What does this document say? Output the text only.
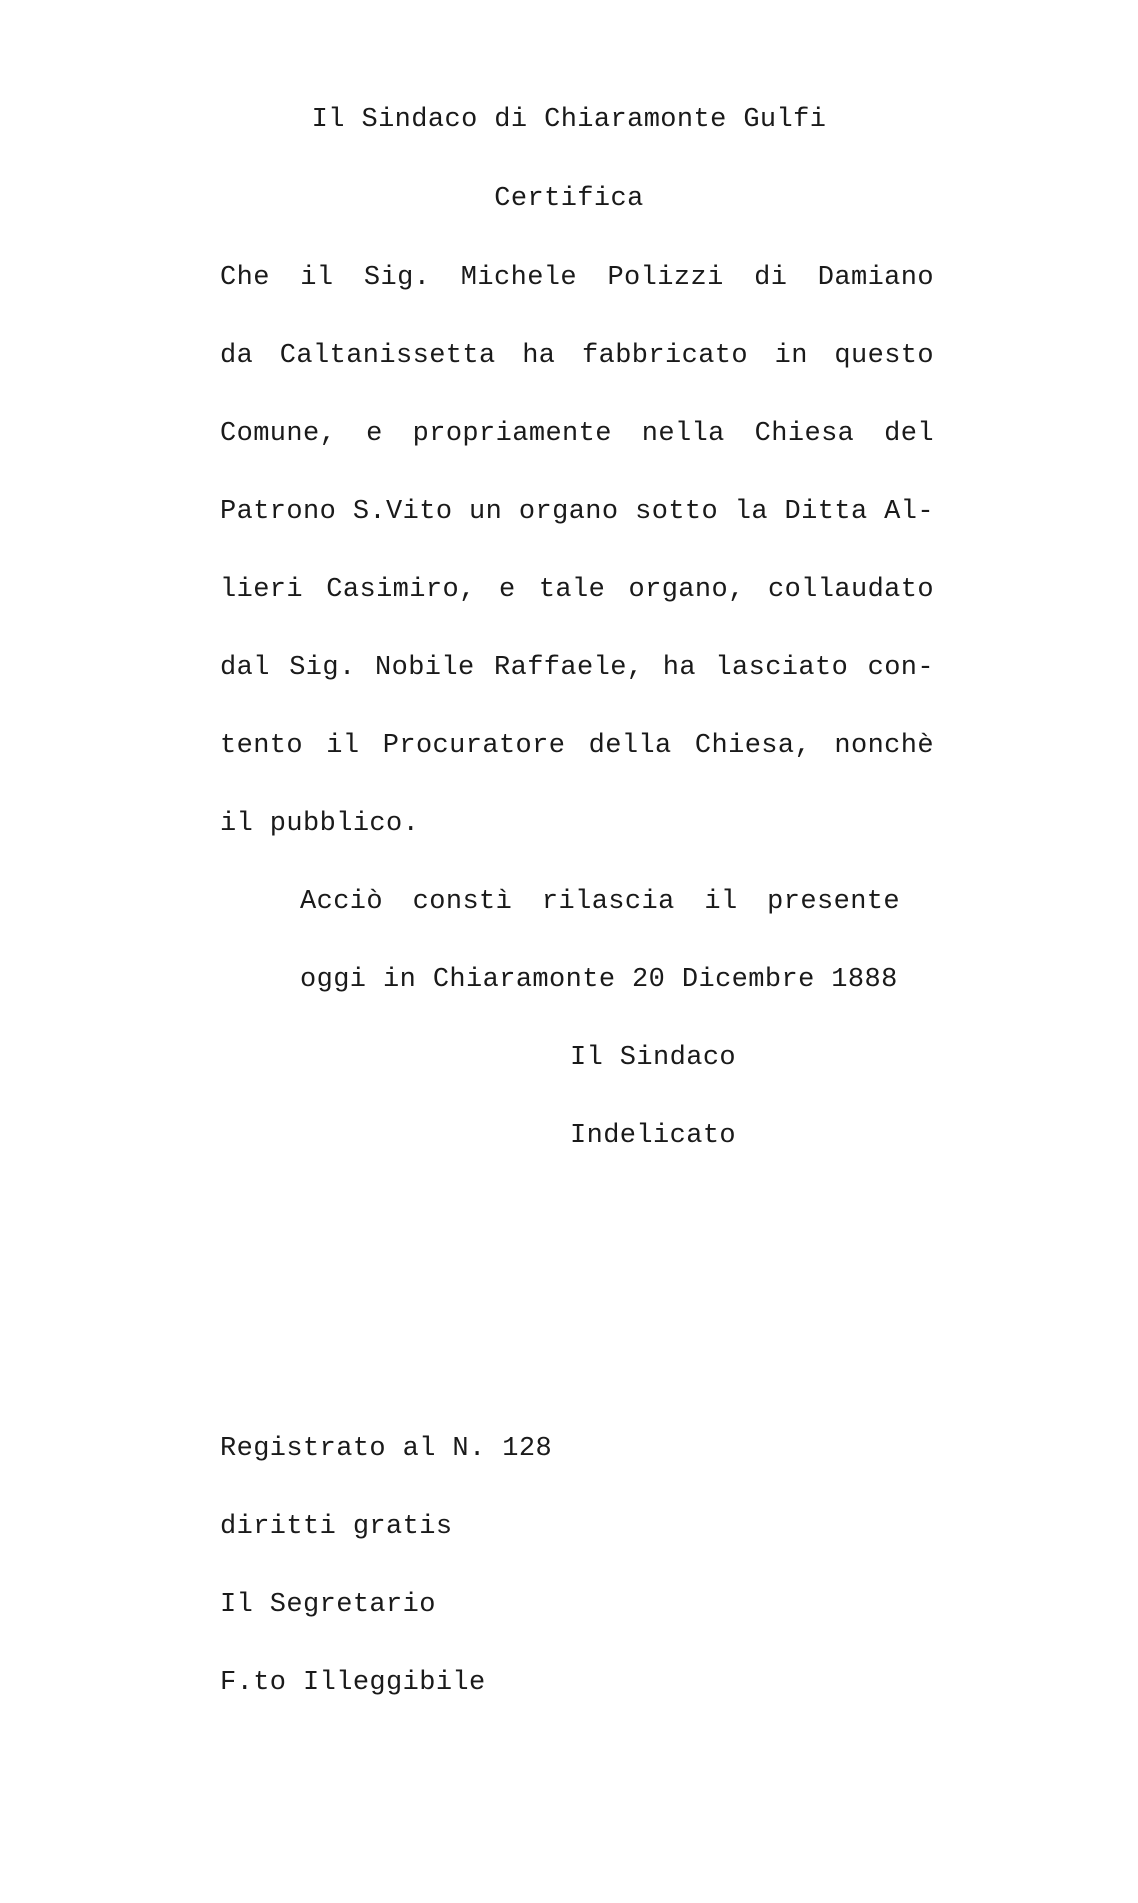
Il Sindaco di Chiaramonte Gulfi
Certifica
Che il Sig. Michele Polizzi di Damiano
da Caltanissetta ha fabbricato in questo
Comune, e propriamente nella Chiesa del
Patrono S.Vito un organo sotto la Ditta Al-
lieri Casimiro, e tale organo, collaudato
dal Sig. Nobile Raffaele, ha lasciato con-
tento il Procuratore della Chiesa, nonchè
il pubblico.
Acciò constì rilascia il presente
oggi in Chiaramonte 20 Dicembre 1888
Il Sindaco
Indelicato
Registrato al N. 128
diritti gratis
Il Segretario
F.to Illeggibile
